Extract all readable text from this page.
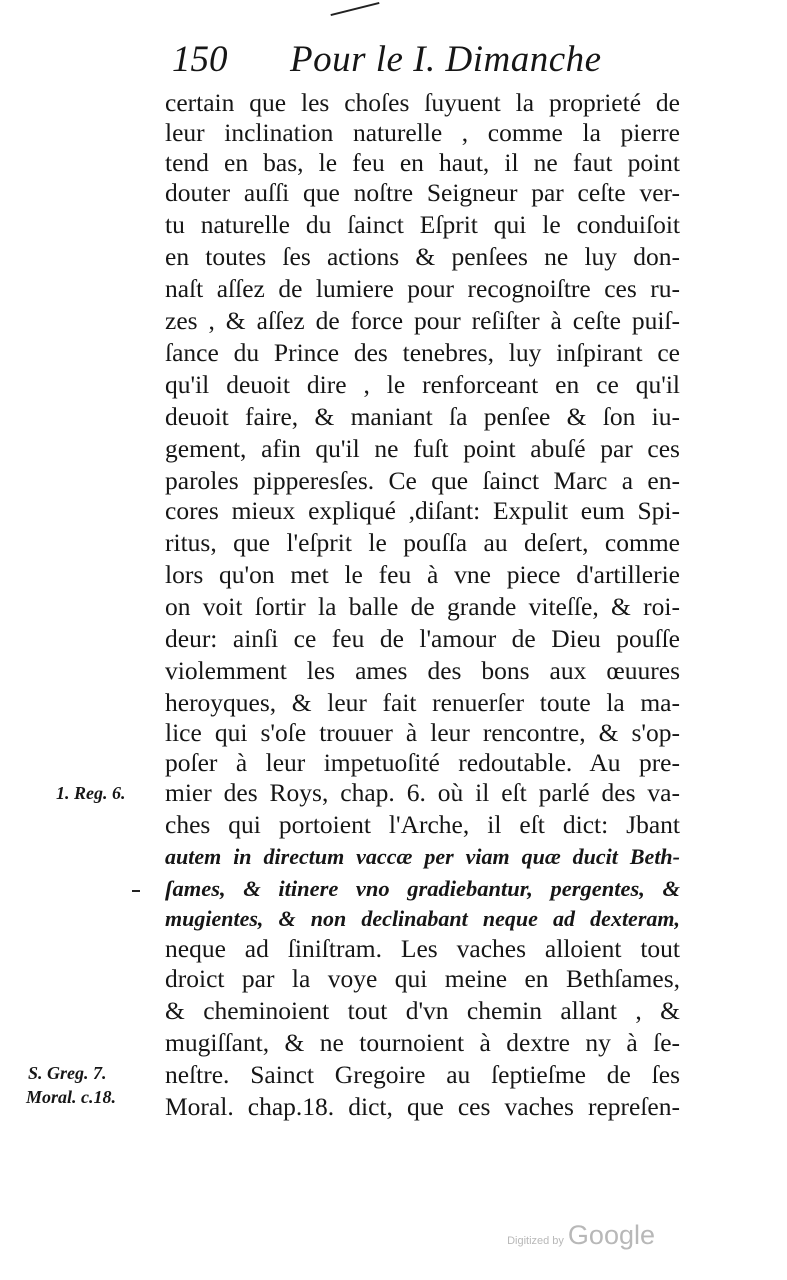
150 Pour le I. Dimanche
certain que les choſes ſuyuent la proprieté de
leur inclination naturelle , comme la pierre
tend en bas, le feu en haut, il ne faut point
douter auſſi que noſtre Seigneur par ceſte ver-
tu naturelle du ſainct Eſprit qui le conduiſoit
en toutes ſes actions & penſees ne luy don-
naſt aſſez de lumiere pour recognoiſtre ces ru-
zes , & aſſez de force pour reſiſter à ceſte puiſ-
ſance du Prince des tenebres, luy inſpirant ce
qu'il deuoit dire , le renforceant en ce qu'il
deuoit faire, & maniant ſa penſee & ſon iu-
gement, afin qu'il ne fuſt point abuſé par ces
paroles pipperesſes. Ce que ſainct Marc a en-
cores mieux expliqué ,diſant: Expulit eum Spi-
ritus, que l'eſprit le pouſſa au deſert, comme
lors qu'on met le feu à vne piece d'artillerie
on voit ſortir la balle de grande viteſſe, & roi-
deur: ainſi ce feu de l'amour de Dieu pouſſe
violemment les ames des bons aux œuures
heroyques, & leur fait renuerſer toute la ma-
lice qui s'oſe trouuer à leur rencontre, & s'op-
poſer à leur impetuoſité redoutable. Au pre-
mier des Roys, chap. 6. où il eſt parlé des va-
ches qui portoient l'Arche, il eſt dict: Jbant
autem in directum vaccæ per viam quæ ducit Beth-
ſames, & itinere vno gradiebantur, pergentes, &
mugientes, & non declinabant neque ad dexteram,
neque ad ſiniſtram. Les vaches alloient tout
droict par la voye qui meine en Bethſames,
& cheminoient tout d'vn chemin allant , &
mugiſſant, & ne tournoient à dextre ny à ſe-
neſtre. Sainct Gregoire au ſeptieſme de ſes
Moral. chap.18. dict, que ces vaches repreſen-
1. Reg. 6.
S. Greg. 7.
Moral. c.18.
Digitized by Google
